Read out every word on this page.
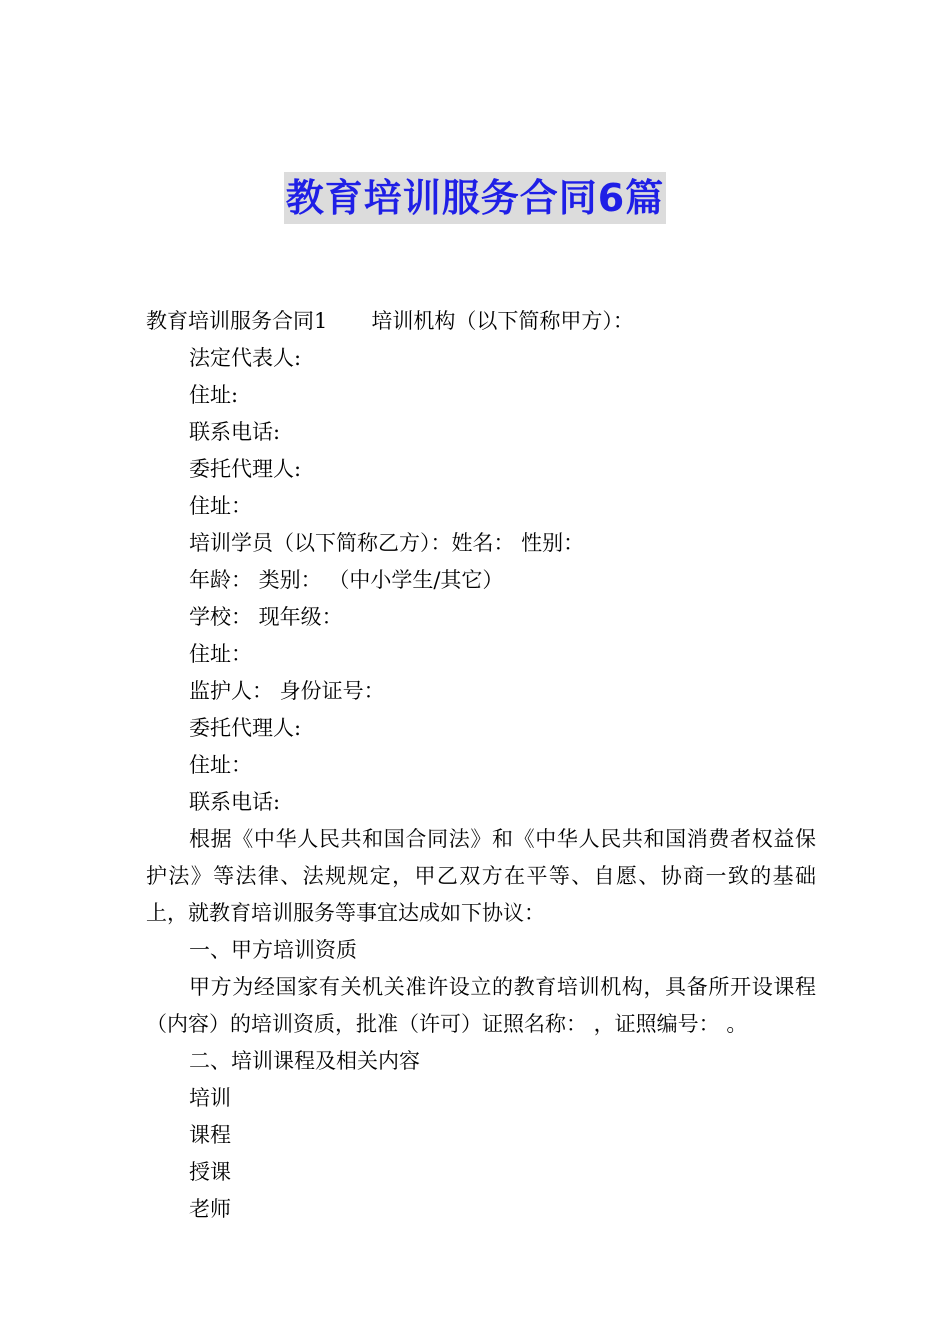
教育培训服务合同6篇
教育培训服务合同1 培训机构（以下简称甲方）：
法定代表人:
住址:
联系电话:
委托代理人:
住址：
培训学员（以下简称乙方）：姓名： 性别：
年龄： 类别： （中小学生/其它）
学校： 现年级：
住址：
监护人： 身份证号：
委托代理人:
住址：
联系电话:
根据《中华人民共和国合同法》和《中华人民共和国消费者权益保护法》等法律、法规规定，甲乙双方在平等、自愿、协商一致的基础上，就教育培训服务等事宜达成如下协议：
一、甲方培训资质
甲方为经国家有关机关准许设立的教育培训机构，具备所开设课程（内容）的培训资质，批准（许可）证照名称： ，证照编号： 。
二、培训课程及相关内容
培训
课程
授课
老师
